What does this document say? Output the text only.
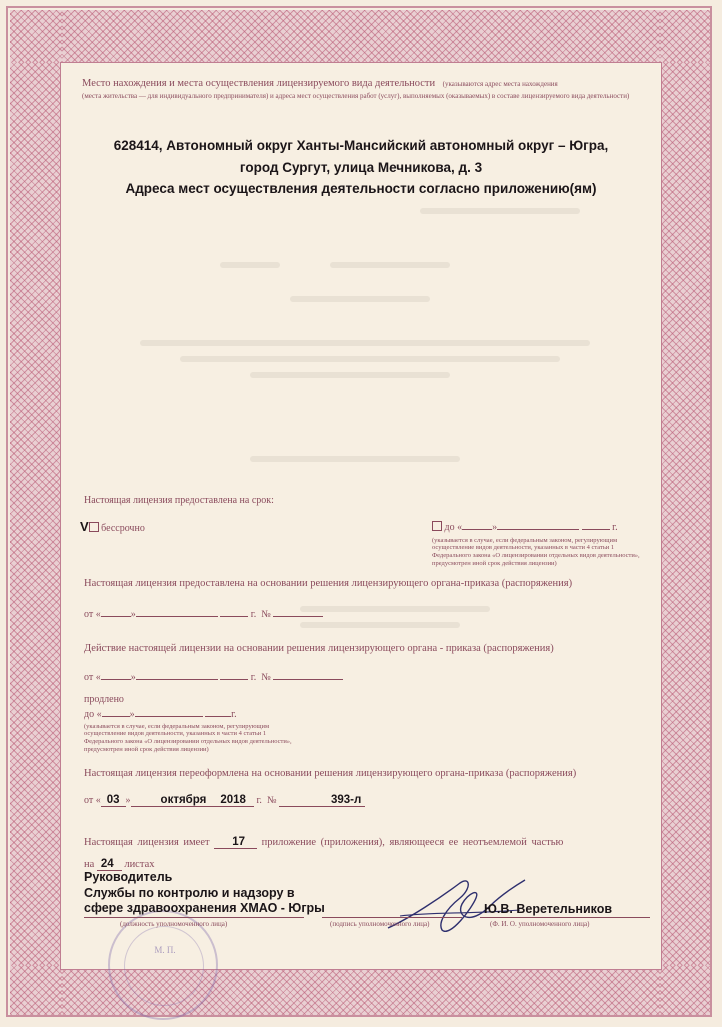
Место нахождения и места осуществления лицензируемого вида деятельности (указываются адрес места нахождения
(места жительства — для индивидуального предпринимателя) и адреса мест осуществления работ (услуг), выполняемых (оказываемых) в составе лицензируемого вида деятельности)
628414, Автономный округ Ханты-Мансийский автономный округ – Югра,
город Сургут, улица Мечникова, д. 3
Адреса мест осуществления деятельности согласно приложению(ям)
Настоящая лицензия предоставлена на срок:
V бессрочно	до «	»	г.
(указывается в случае, если федеральным законом, регулирующим осуществление видов деятельности, указанных в части 4 статьи 1 Федерального закона «О лицензировании отдельных видов деятельности», предусмотрен иной срок действия лицензии)
Настоящая лицензия предоставлена на основании решения лицензирующего органа-приказа (распоряжения)
от «	»	г. №
Действие настоящей лицензии на основании решения лицензирующего органа - приказа (распоряжения)
от «	»	г. №
продлено
до «	»	г.
(указывается в случае, если федеральным законом, регулирующим осуществление видов деятельности, указанных в части 4 статьи 1 Федерального закона «О лицензировании отдельных видов деятельности», предусмотрен иной срок действия лицензии)
Настоящая лицензия переоформлена на основании решения лицензирующего органа-приказа (распоряжения)
от « 03 »	октября 2018 г. №	393-л
Настоящая лицензия имеет 17 приложение (приложения), являющееся ее неотъемлемой частью
на 24 листах
М. П.
Руководитель
Службы по контролю и надзору в
сфере здравоохранения ХМАО - Югры
(должность уполномоченного лица)	(подпись уполномоченного лица)
Ю.В. Веретельников
(Ф. И. О. уполномоченного лица)
